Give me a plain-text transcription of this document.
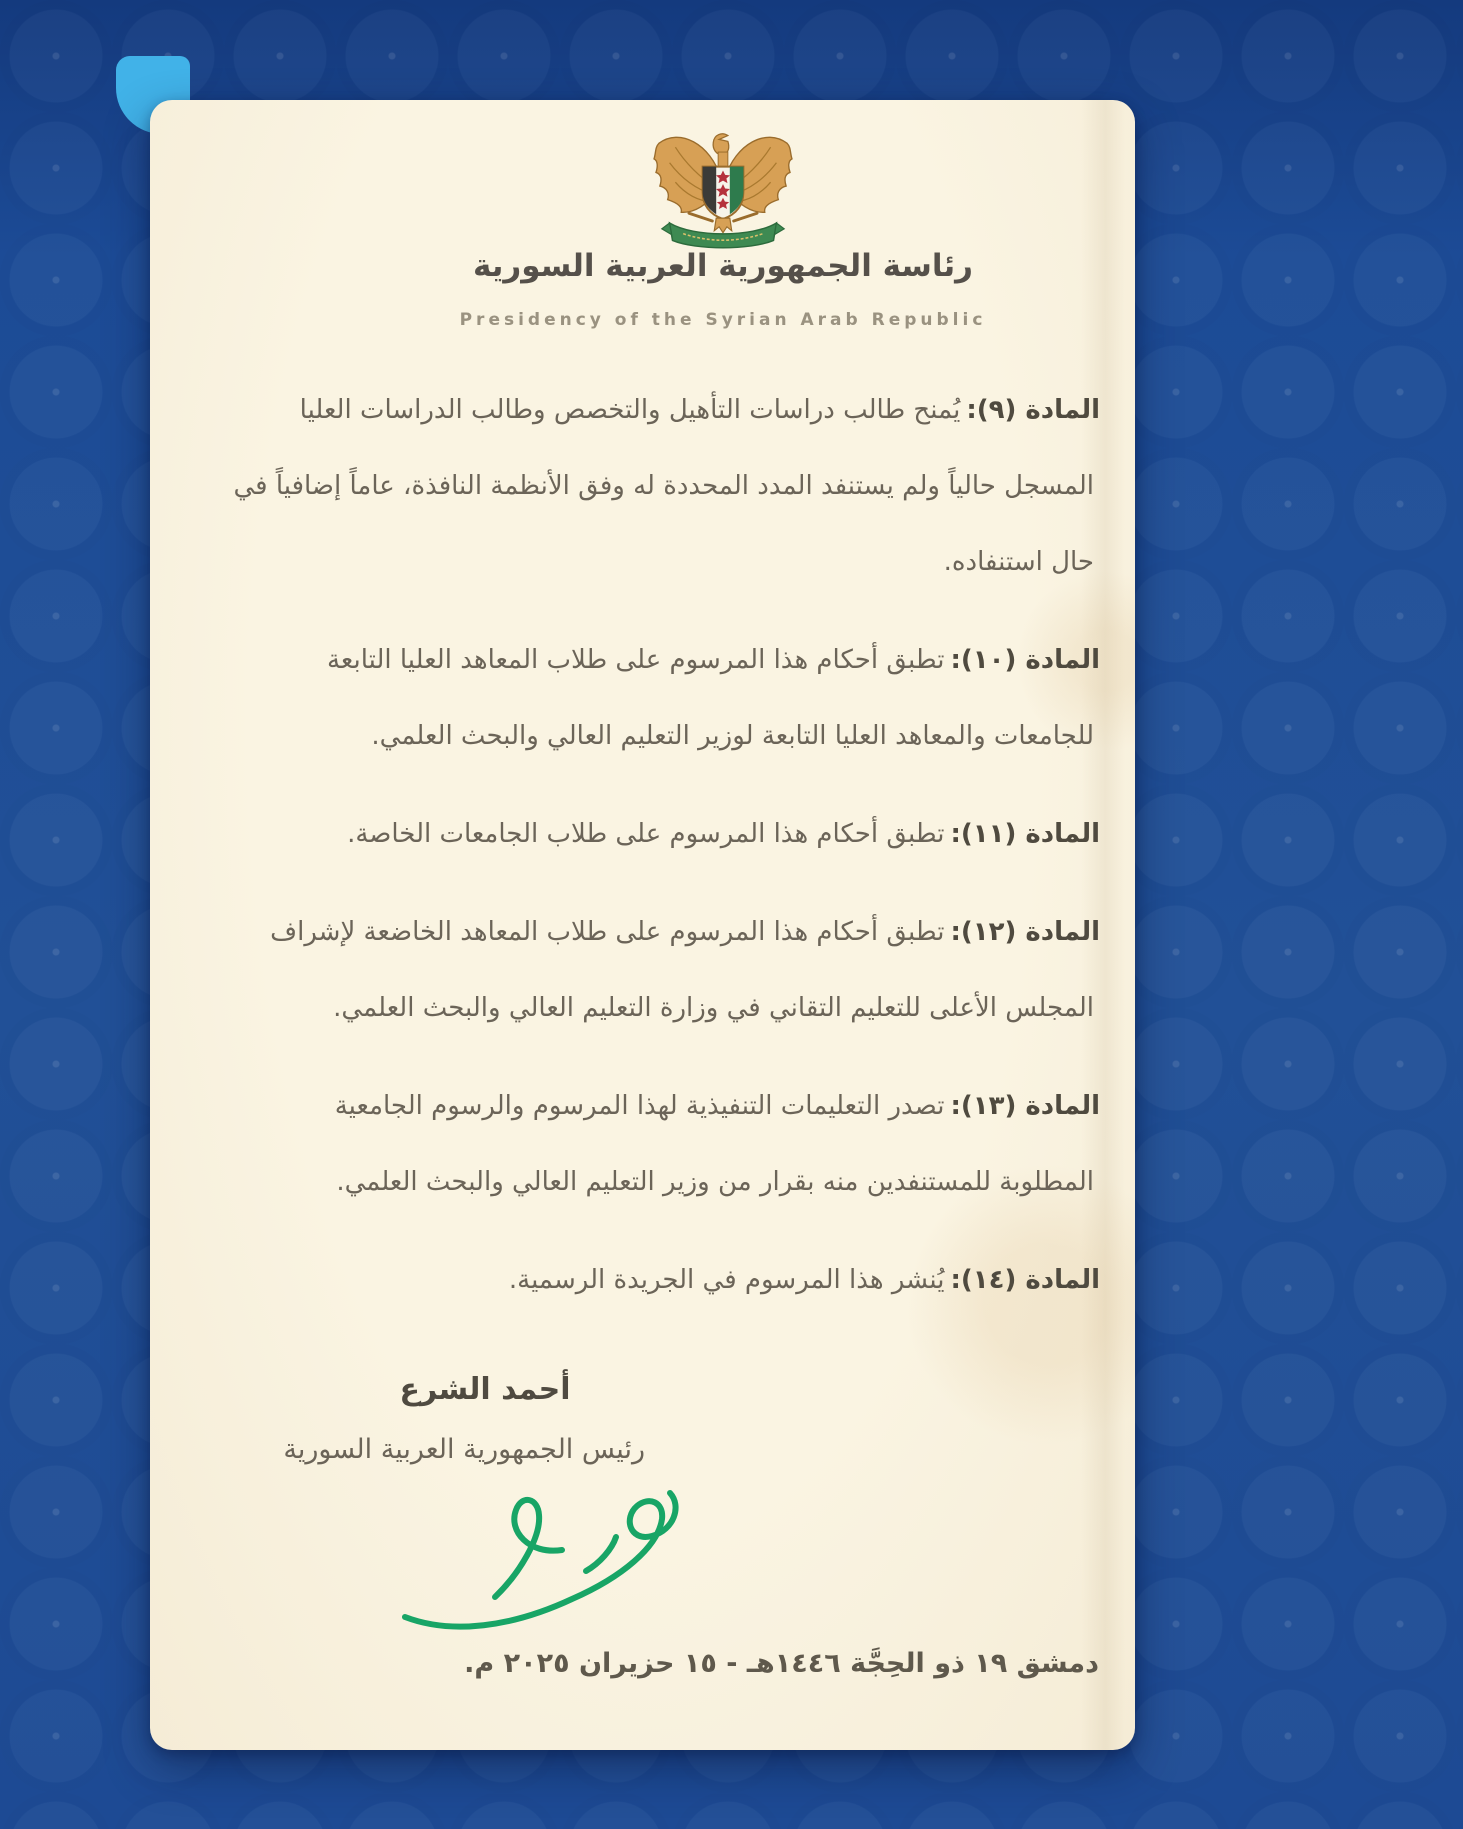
رئاسة الجمهورية العربية السورية
Presidency of the Syrian Arab Republic
المادة (٩):
يُمنح طالب دراسات التأهيل والتخصص وطالب الدراسات العليا
المسجل حالياً ولم يستنفد المدد المحددة له وفق الأنظمة النافذة، عاماً إضافياً في
حال استنفاده.
المادة (١٠):
تطبق أحكام هذا المرسوم على طلاب المعاهد العليا التابعة
للجامعات والمعاهد العليا التابعة لوزير التعليم العالي والبحث العلمي.
المادة (١١):
تطبق أحكام هذا المرسوم على طلاب الجامعات الخاصة.
المادة (١٢):
تطبق أحكام هذا المرسوم على طلاب المعاهد الخاضعة لإشراف
المجلس الأعلى للتعليم التقاني في وزارة التعليم العالي والبحث العلمي.
المادة (١٣):
تصدر التعليمات التنفيذية لهذا المرسوم والرسوم الجامعية
المطلوبة للمستنفدين منه بقرار من وزير التعليم العالي والبحث العلمي.
المادة (١٤):
يُنشر هذا المرسوم في الجريدة الرسمية.
أحمد الشرع
رئيس الجمهورية العربية السورية
دمشق ١٩ ذو الحِجَّة ١٤٤٦هـ - ١٥ حزيران ٢٠٢٥ م.
